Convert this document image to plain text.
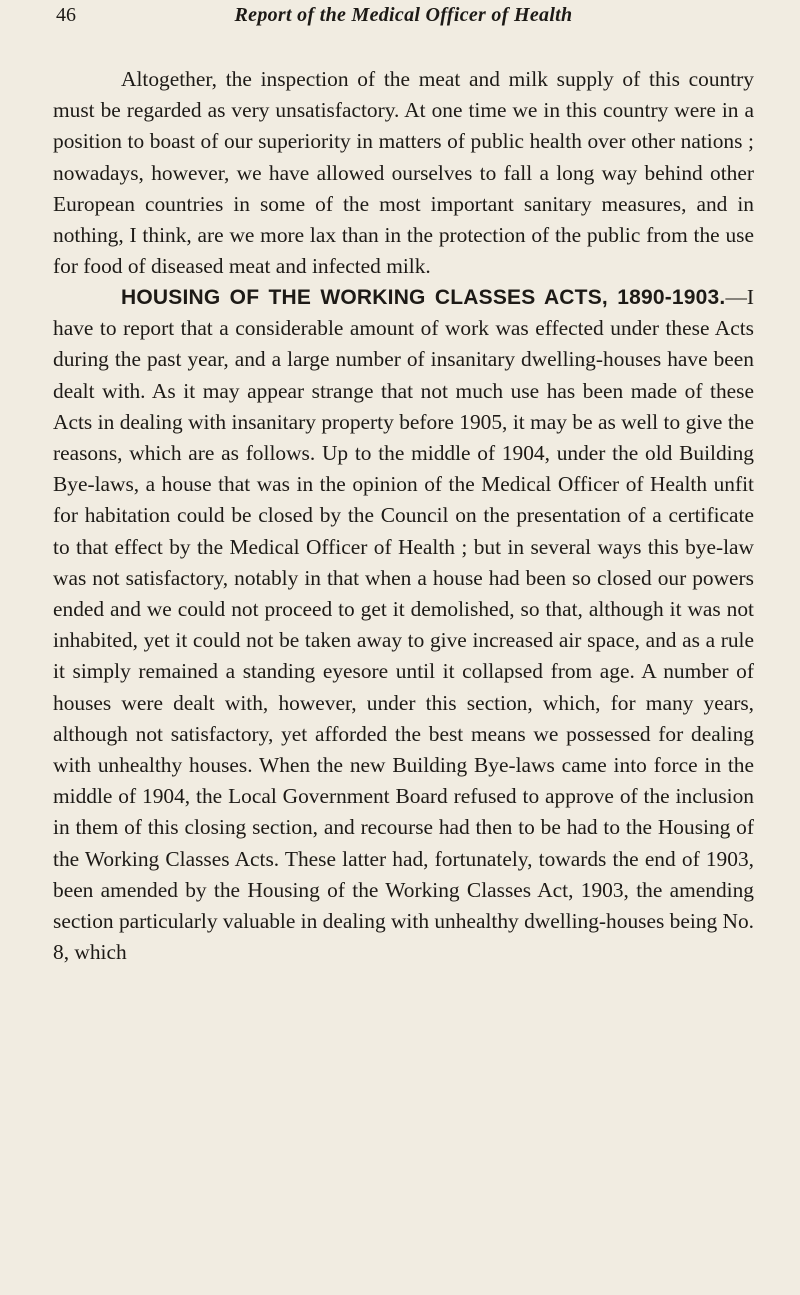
46	Report of the Medical Officer of Health

Altogether, the inspection of the meat and milk supply of this country must be regarded as very unsatisfactory. At one time we in this country were in a position to boast of our superiority in matters of public health over other nations ; nowadays, however, we have allowed ourselves to fall a long way behind other European countries in some of the most important sanitary measures, and in nothing, I think, are we more lax than in the protection of the public from the use for food of diseased meat and infected milk.

HOUSING OF THE WORKING CLASSES ACTS, 1890-1903.—I have to report that a considerable amount of work was effected under these Acts during the past year, and a large number of insanitary dwelling-houses have been dealt with. As it may appear strange that not much use has been made of these Acts in dealing with insanitary property before 1905, it may be as well to give the reasons, which are as follows. Up to the middle of 1904, under the old Building Bye-laws, a house that was in the opinion of the Medical Officer of Health unfit for habitation could be closed by the Council on the presentation of a certificate to that effect by the Medical Officer of Health ; but in several ways this bye-law was not satisfactory, notably in that when a house had been so closed our powers ended and we could not proceed to get it demolished, so that, although it was not inhabited, yet it could not be taken away to give increased air space, and as a rule it simply remained a standing eyesore until it collapsed from age. A number of houses were dealt with, however, under this section, which, for many years, although not satisfactory, yet afforded the best means we possessed for dealing with unhealthy houses. When the new Building Bye-laws came into force in the middle of 1904, the Local Government Board refused to approve of the inclusion in them of this closing section, and recourse had then to be had to the Housing of the Working Classes Acts. These latter had, fortunately, towards the end of 1903, been amended by the Housing of the Working Classes Act, 1903, the amending section particularly valuable in dealing with unhealthy dwelling-houses being No. 8, which
